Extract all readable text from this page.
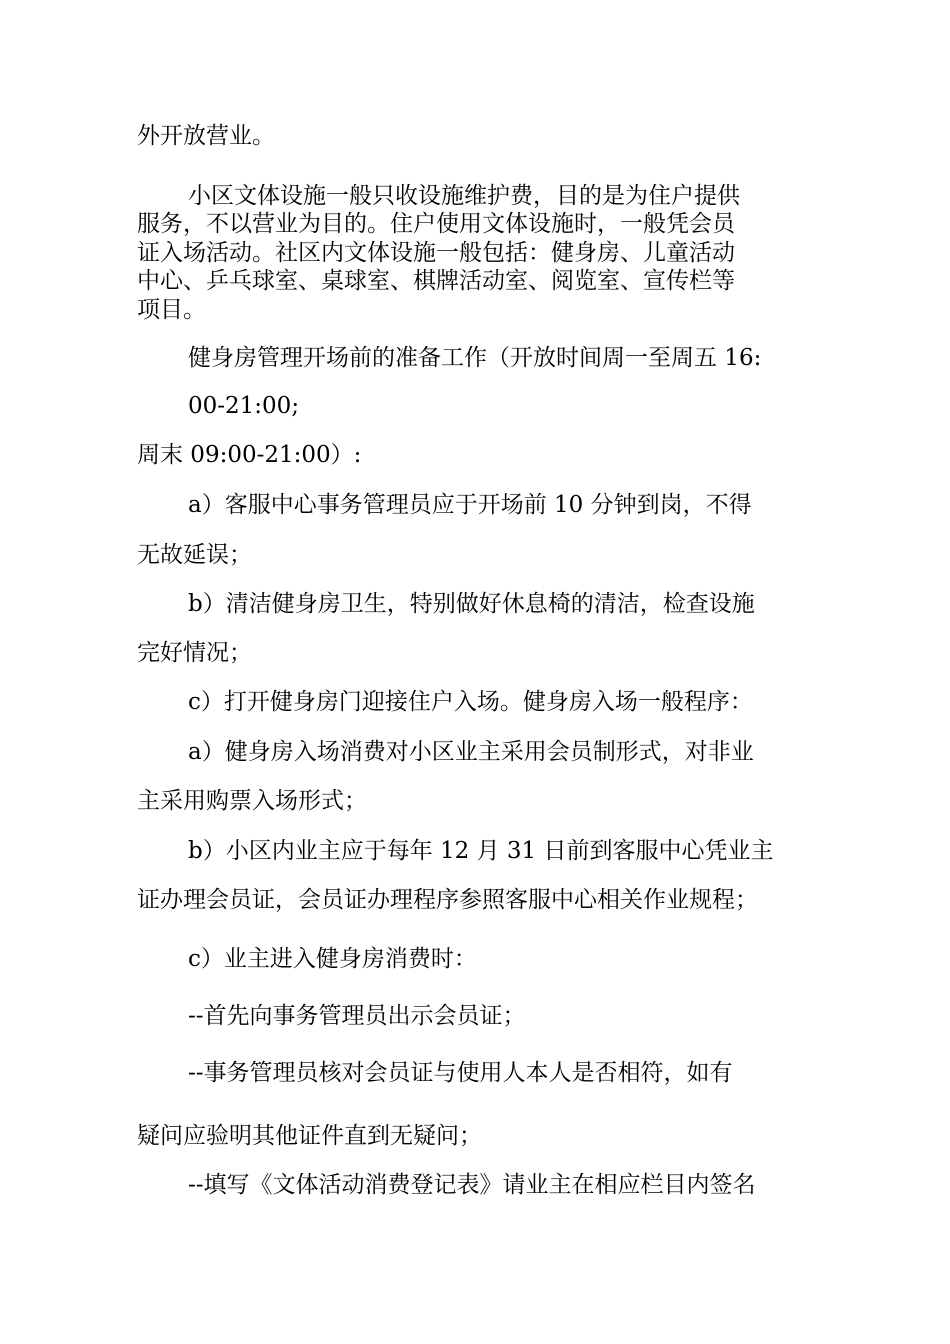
外开放营业。

小区文体设施一般只收设施维护费，目的是为住户提供

服务，不以营业为目的。住户使用文体设施时，一般凭会员

证入场活动。社区内文体设施一般包括：健身房、儿童活动

中心、乒乓球室、桌球室、棋牌活动室、阅览室、宣传栏等

项目。

健身房管理开场前的准备工作（开放时间周一至周五 16:

00-21:00;

周末 09:00-21:00）:

a）客服中心事务管理员应于开场前 10 分钟到岗，不得

无故延误；

b）清洁健身房卫生，特别做好休息椅的清洁，检查设施

完好情况；

c）打开健身房门迎接住户入场。健身房入场一般程序：

a）健身房入场消费对小区业主采用会员制形式，对非业

主采用购票入场形式；

b）小区内业主应于每年 12 月 31 日前到客服中心凭业主

证办理会员证，会员证办理程序参照客服中心相关作业规程；

c）业主进入健身房消费时：

--首先向事务管理员出示会员证；

--事务管理员核对会员证与使用人本人是否相符，如有

疑问应验明其他证件直到无疑问；

--填写《文体活动消费登记表》请业主在相应栏目内签名
